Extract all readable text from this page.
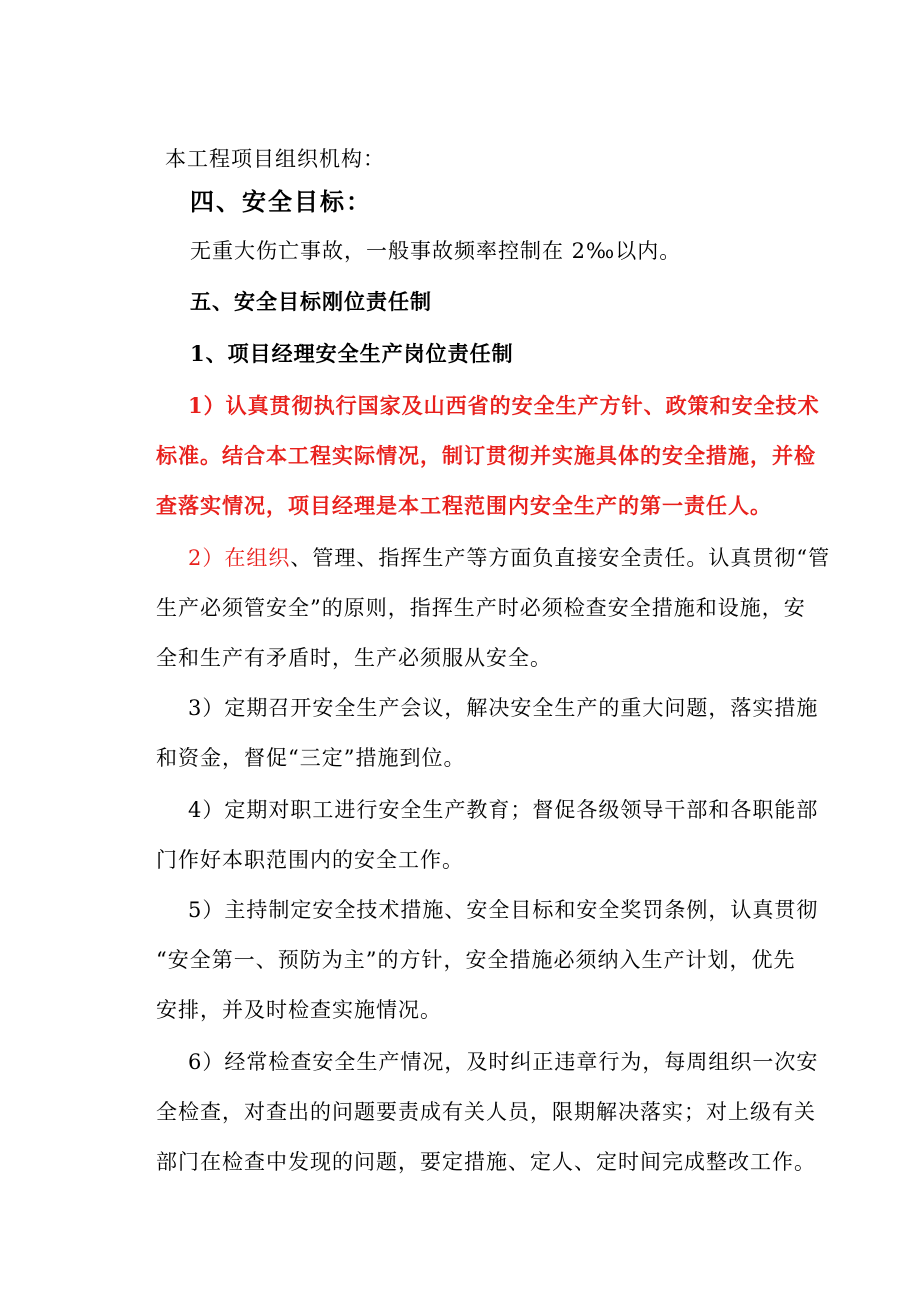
本工程项目组织机构：
四、安全目标：
无重大伤亡事故，一般事故频率控制在 2‰以内。
五、安全目标刚位责任制
1、项目经理安全生产岗位责任制
1）认真贯彻执行国家及山西省的安全生产方针、政策和安全技术
标准。结合本工程实际情况，制订贯彻并实施具体的安全措施，并检
查落实情况，项目经理是本工程范围内安全生产的第一责任人。
2）在组织、管理、指挥生产等方面负直接安全责任。认真贯彻“管
生产必须管安全”的原则，指挥生产时必须检查安全措施和设施，安
全和生产有矛盾时，生产必须服从安全。
3）定期召开安全生产会议，解决安全生产的重大问题，落实措施
和资金，督促“三定”措施到位。
4）定期对职工进行安全生产教育；督促各级领导干部和各职能部
门作好本职范围内的安全工作。
5）主持制定安全技术措施、安全目标和安全奖罚条例，认真贯彻
“安全第一、预防为主”的方针，安全措施必须纳入生产计划，优先
安排，并及时检查实施情况。
6）经常检查安全生产情况，及时纠正违章行为，每周组织一次安
全检查，对查出的问题要责成有关人员，限期解决落实；对上级有关
部门在检查中发现的问题，要定措施、定人、定时间完成整改工作。
